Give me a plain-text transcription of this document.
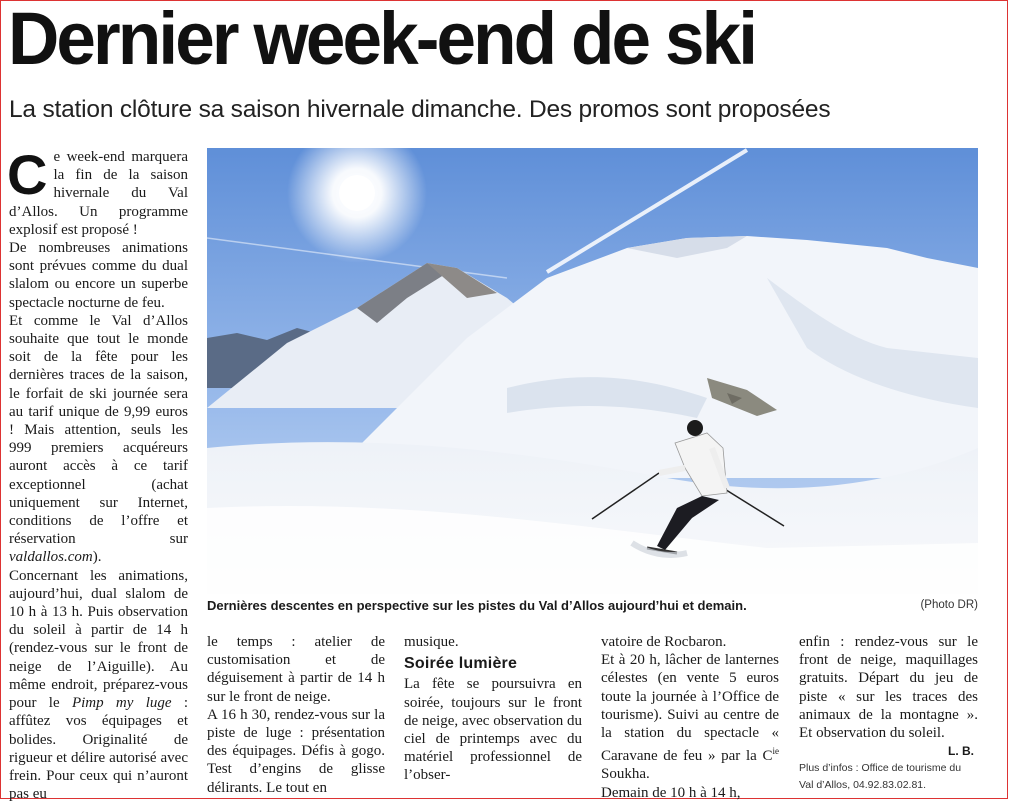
Dernier week-end de ski
La station clôture sa saison hivernale dimanche. Des promos sont proposées

Ce week-end marquera la fin de la saison hivernale du Val d’Allos. Un programme explosif est proposé !

De nombreuses animations sont prévues comme du dual slalom ou encore un superbe spectacle nocturne de feu.

Et comme le Val d’Allos souhaite que tout le monde soit de la fête pour les dernières traces de la saison, le forfait de ski journée sera au tarif unique de 9,99 euros ! Mais attention, seuls les 999 premiers acquéreurs auront accès à ce tarif exceptionnel (achat uniquement sur Internet, conditions de l’offre et réservation sur valdallos.com).

Concernant les animations, aujourd’hui, dual slalom de 10 h à 13 h. Puis observation du soleil à partir de 14 h (rendez-vous sur le front de neige de l’Aiguille). Au même endroit, préparez-vous pour le Pimp my luge : affûtez vos équipages et bolides. Originalité de rigueur et délire autorisé avec frein. Pour ceux qui n’auront pas eu

Dernières descentes en perspective sur les pistes du Val d’Allos aujourd’hui et demain.	(Photo DR)

le temps : atelier de customisation et de déguisement à partir de 14 h sur le front de neige.

A 16 h 30, rendez-vous sur la piste de luge : présentation des équipages. Défis à gogo. Test d’engins de glisse délirants. Le tout en

musique.

Soirée lumière

La fête se poursuivra en soirée, toujours sur le front de neige, avec observation du ciel de printemps avec du matériel professionnel de l’obser-

vatoire de Rocbaron.

Et à 20 h, lâcher de lanternes célestes (en vente 5 euros toute la journée à l’Office de tourisme). Suivi au centre de la station du spectacle « Caravane de feu » par la $C^{ie}$ Soukha.

Demain de 10 h à 14 h,

enfin : rendez-vous sur le front de neige, maquillages gratuits. Départ du jeu de piste « sur les traces des animaux de la montagne ». Et observation du soleil.

L. B.

Plus d’infos : Office de tourisme du Val d’Allos, 04.92.83.02.81.
